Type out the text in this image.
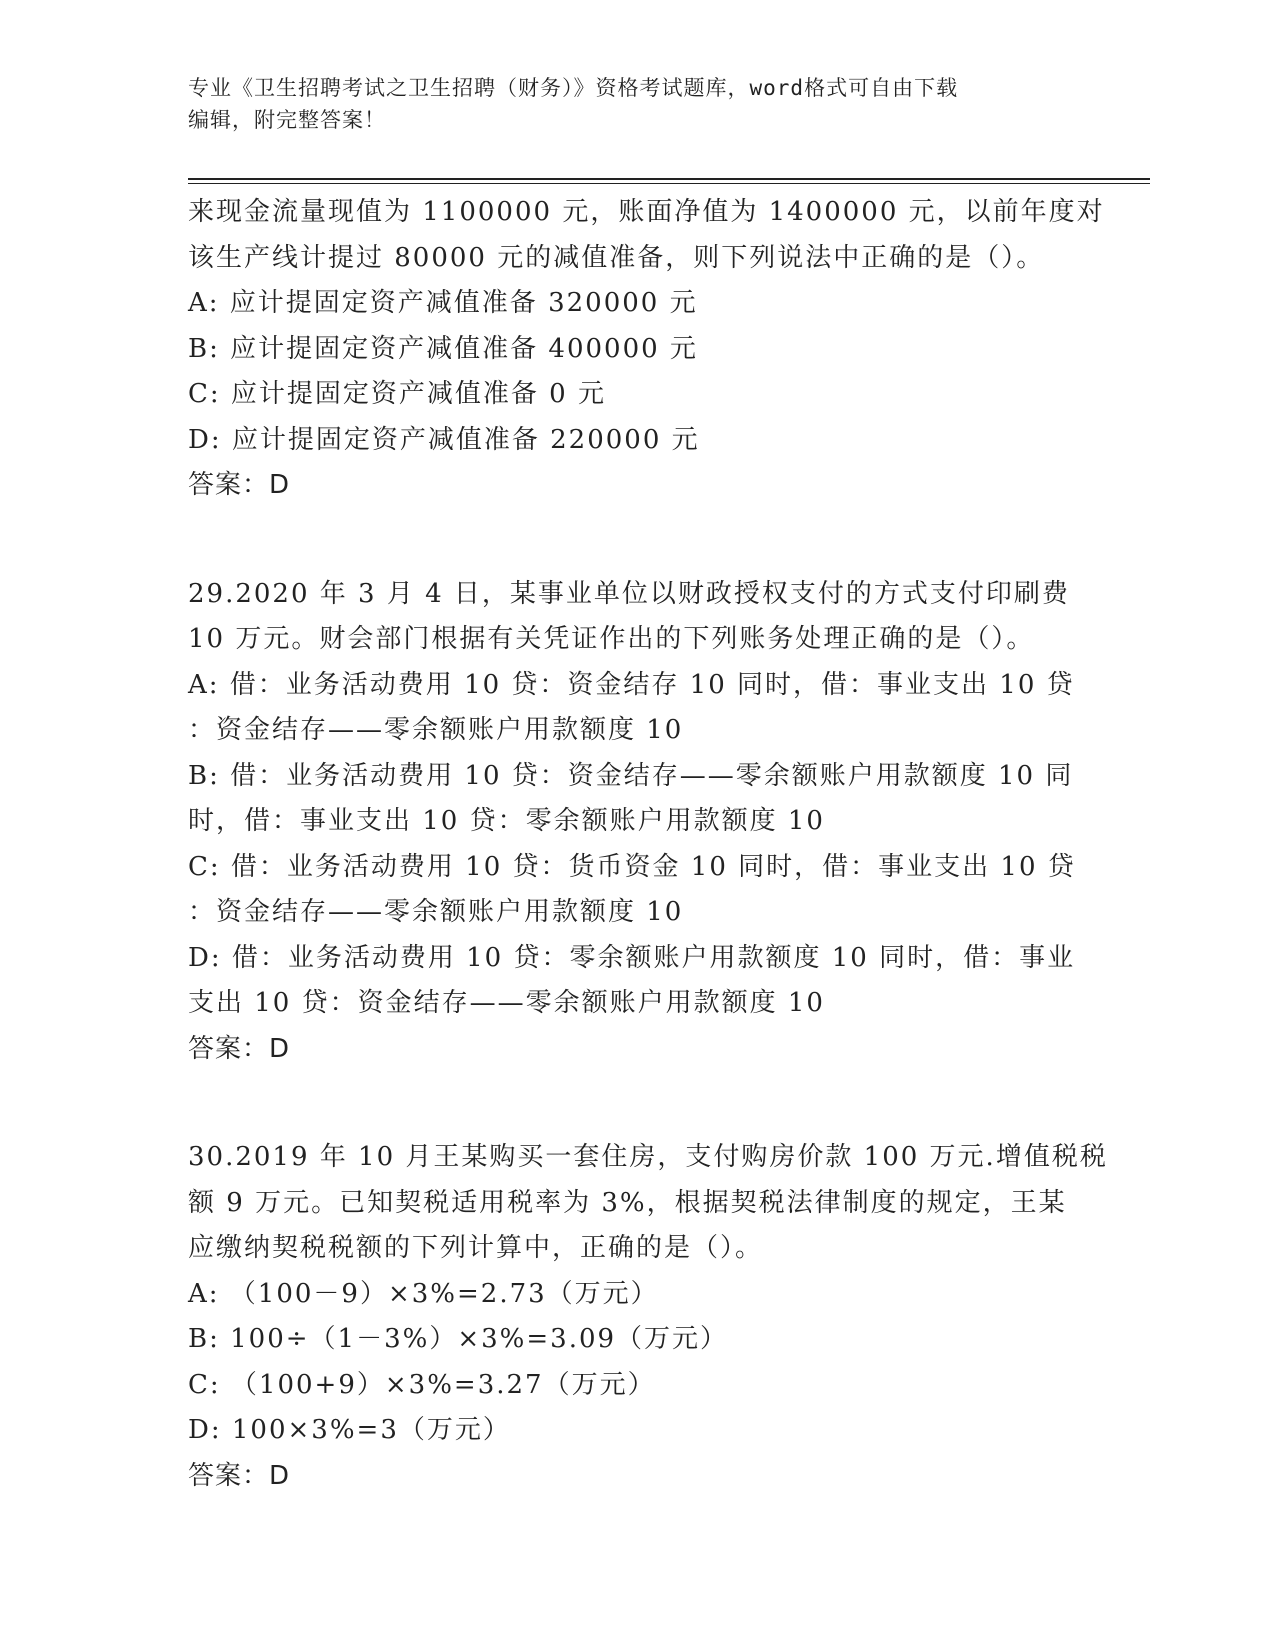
专业《卫生招聘考试之卫生招聘（财务）》资格考试题库，word格式可自由下载
编辑，附完整答案！
来现金流量现值为 1100000 元，账面净值为 1400000 元，以前年度对
该生产线计提过 80000 元的减值准备，则下列说法中正确的是（）。
A: 应计提固定资产减值准备 320000 元
B: 应计提固定资产减值准备 400000 元
C: 应计提固定资产减值准备 0 元
D: 应计提固定资产减值准备 220000 元
答案：D
29.2020 年 3 月 4 日，某事业单位以财政授权支付的方式支付印刷费
10 万元。财会部门根据有关凭证作出的下列账务处理正确的是（）。
A: 借：业务活动费用 10 贷：资金结存 10 同时，借：事业支出 10 贷
：资金结存——零余额账户用款额度 10
B: 借：业务活动费用 10 贷：资金结存——零余额账户用款额度 10 同
时，借：事业支出 10 贷：零余额账户用款额度 10
C: 借：业务活动费用 10 贷：货币资金 10 同时，借：事业支出 10 贷
：资金结存——零余额账户用款额度 10
D: 借：业务活动费用 10 贷：零余额账户用款额度 10 同时，借：事业
支出 10 贷：资金结存——零余额账户用款额度 10
答案：D
30.2019 年 10 月王某购买一套住房，支付购房价款 100 万元.增值税税
额 9 万元。已知契税适用税率为 3%，根据契税法律制度的规定，王某
应缴纳契税税额的下列计算中，正确的是（）。
A: （100－9）×3%=2.73（万元）
B: 100÷（1－3%）×3%=3.09（万元）
C: （100+9）×3%=3.27（万元）
D: 100×3%=3（万元）
答案：D
